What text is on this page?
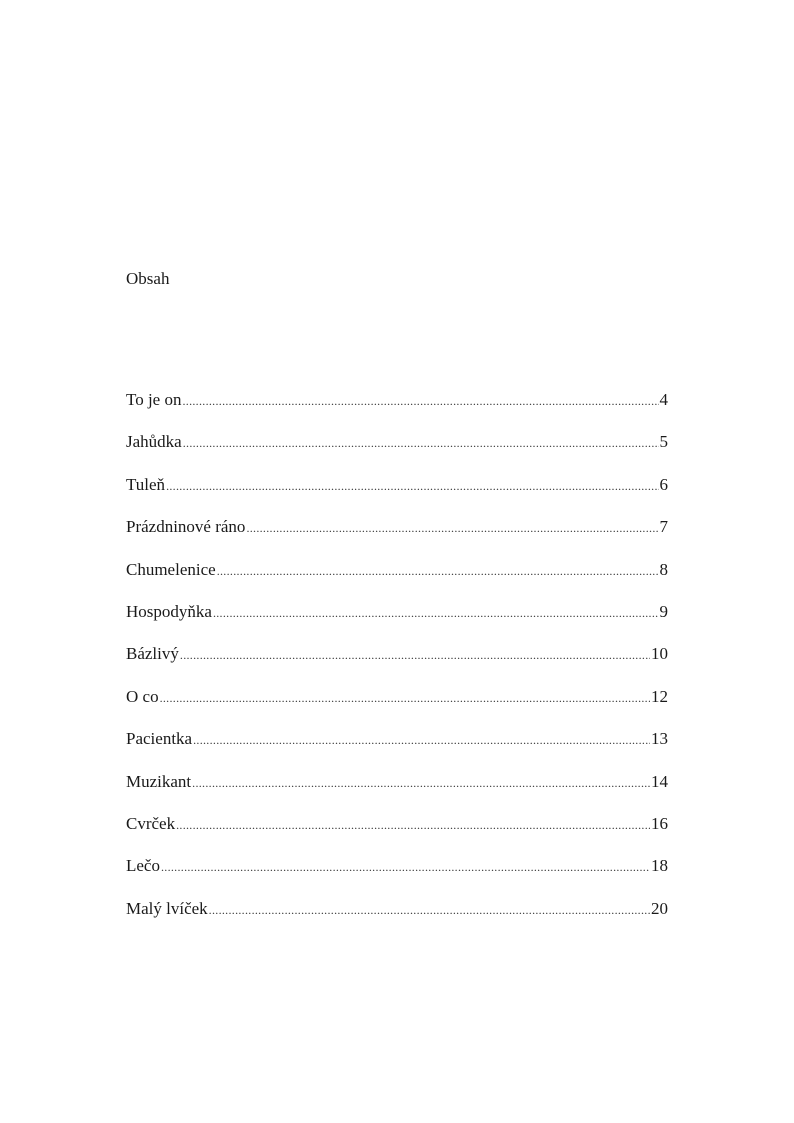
Obsah
To je on .....	4
Jahůdka .....	5
Tuleň .....	6
Prázdninové ráno .....	7
Chumelenice .....	8
Hospodyňka .....	9
Bázlivý .....	10
O co .....	12
Pacientka .....	13
Muzikant .....	14
Cvrček .....	16
Lečo .....	18
Malý lvíček .....	20
